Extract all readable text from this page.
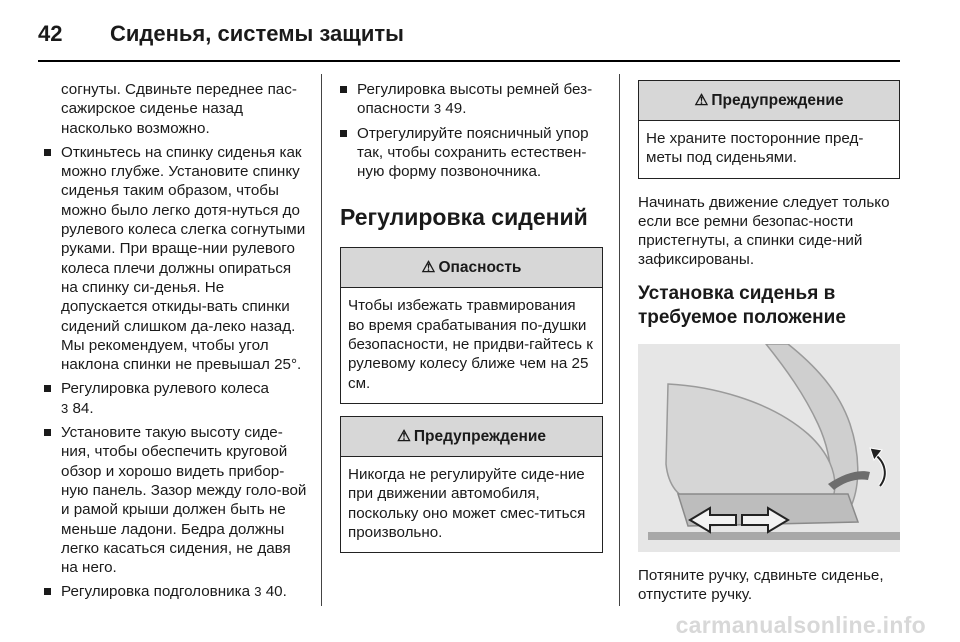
42	Сиденья, системы защиты
согнуты. Сдвиньте переднее пас-сажирское сиденье назад насколько возможно.
Откиньтесь на спинку сиденья как можно глубже. Установите спинку сиденья таким образом, чтобы можно было легко дотя-нуться до рулевого колеса слегка согнутыми руками. При враще-нии рулевого колеса плечи должны опираться на спинку си-денья. Не допускается откиды-вать спинки сидений слишком да-леко назад. Мы рекомендуем, чтобы угол наклона спинки не превышал 25°.
Регулировка рулевого колеса
3 84.
Установите такую высоту сиде-ния, чтобы обеспечить круговой обзор и хорошо видеть прибор-ную панель. Зазор между голо-вой и рамой крыши должен быть не меньше ладони. Бедра должны легко касаться сидения, не давя на него.
Регулировка подголовника 3 40.
Регулировка высоты ремней без-опасности 3 49.
Отрегулируйте поясничный упор так, чтобы сохранить естествен-ную форму позвоночника.
Регулировка сидений
⚠ Опасность
Чтобы избежать травмирования во время срабатывания по-душки безопасности, не придви-гайтесь к рулевому колесу ближе чем на 25 см.
⚠ Предупреждение
Никогда не регулируйте сиде-ние при движении автомобиля, поскольку оно может смес-титься произвольно.
⚠ Предупреждение
Не храните посторонние пред-меты под сиденьями.
Начинать движение следует только если все ремни безопас-ности пристегнуты, а спинки сиде-ний зафиксированы.
Установка сиденья в требуемое положение
Потяните ручку, сдвиньте сиденье, отпустите ручку.
carmanualsonline.info
